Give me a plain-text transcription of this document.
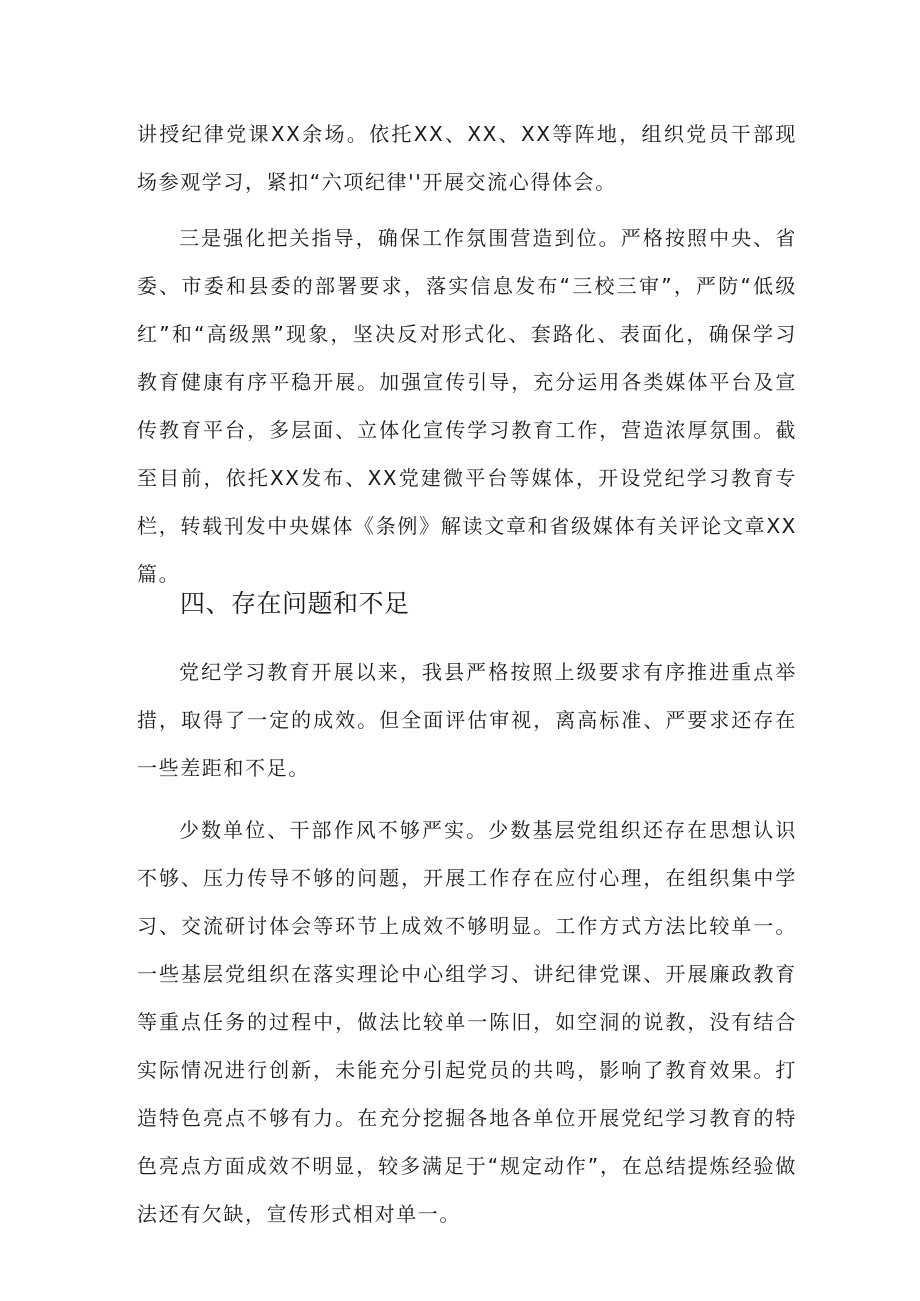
讲授纪律党课XX余场。依托XX、XX、XX等阵地，组织党员干部现场参观学习，紧扣“六项纪律''开展交流心得体会。

三是强化把关指导，确保工作氛围营造到位。严格按照中央、省委、市委和县委的部署要求，落实信息发布“三校三审”，严防“低级红”和“高级黑”现象，坚决反对形式化、套路化、表面化，确保学习教育健康有序平稳开展。加强宣传引导，充分运用各类媒体平台及宣传教育平台，多层面、立体化宣传学习教育工作，营造浓厚氛围。截至目前，依托XX发布、XX党建微平台等媒体，开设党纪学习教育专栏，转载刊发中央媒体《条例》解读文章和省级媒体有关评论文章XX篇。

四、存在问题和不足

党纪学习教育开展以来，我县严格按照上级要求有序推进重点举措，取得了一定的成效。但全面评估审视，离高标准、严要求还存在一些差距和不足。

少数单位、干部作风不够严实。少数基层党组织还存在思想认识不够、压力传导不够的问题，开展工作存在应付心理，在组织集中学习、交流研讨体会等环节上成效不够明显。工作方式方法比较单一。一些基层党组织在落实理论中心组学习、讲纪律党课、开展廉政教育等重点任务的过程中，做法比较单一陈旧，如空洞的说教，没有结合实际情况进行创新，未能充分引起党员的共鸣，影响了教育效果。打造特色亮点不够有力。在充分挖掘各地各单位开展党纪学习教育的特色亮点方面成效不明显，较多满足于“规定动作”，在总结提炼经验做法还有欠缺，宣传形式相对单一。
